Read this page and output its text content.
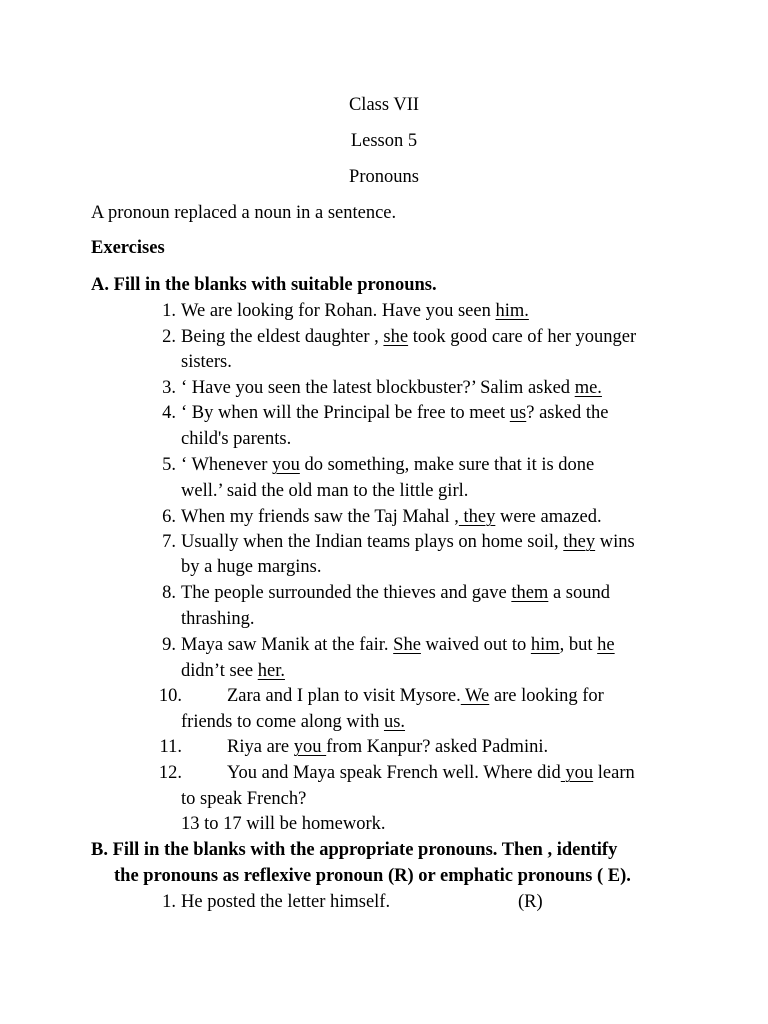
Class VII
Lesson 5
Pronouns
A pronoun replaced a noun in a sentence.
Exercises
A. Fill in the blanks with suitable pronouns.
1. We are looking for Rohan. Have you seen him.
2. Being the eldest daughter , she took good care of her younger
sisters.
3. ‘ Have you seen the latest blockbuster?’ Salim asked me.
4. ‘ By when will the Principal be free to meet us? asked the
child's parents.
5. ‘ Whenever you do something, make sure that it is done
well.’ said the old man to the little girl.
6. When my friends saw the Taj Mahal , they were amazed.
7. Usually when the Indian teams plays on home soil, they wins
by a huge margins.
8. The people surrounded the thieves and gave them a sound
thrashing.
9. Maya saw Manik at the fair. She waived out to him, but he
didn’t see her.
10. Zara and I plan to visit Mysore. We are looking for
friends to come along with us.
11. Riya are you from Kanpur? asked Padmini.
12. You and Maya speak French well. Where did you learn
to speak French?
13 to 17 will be homework.
B. Fill in the blanks with the appropriate pronouns. Then , identify
the pronouns as reflexive pronoun (R) or emphatic pronouns ( E).
1. He posted the letter himself.	(R)
